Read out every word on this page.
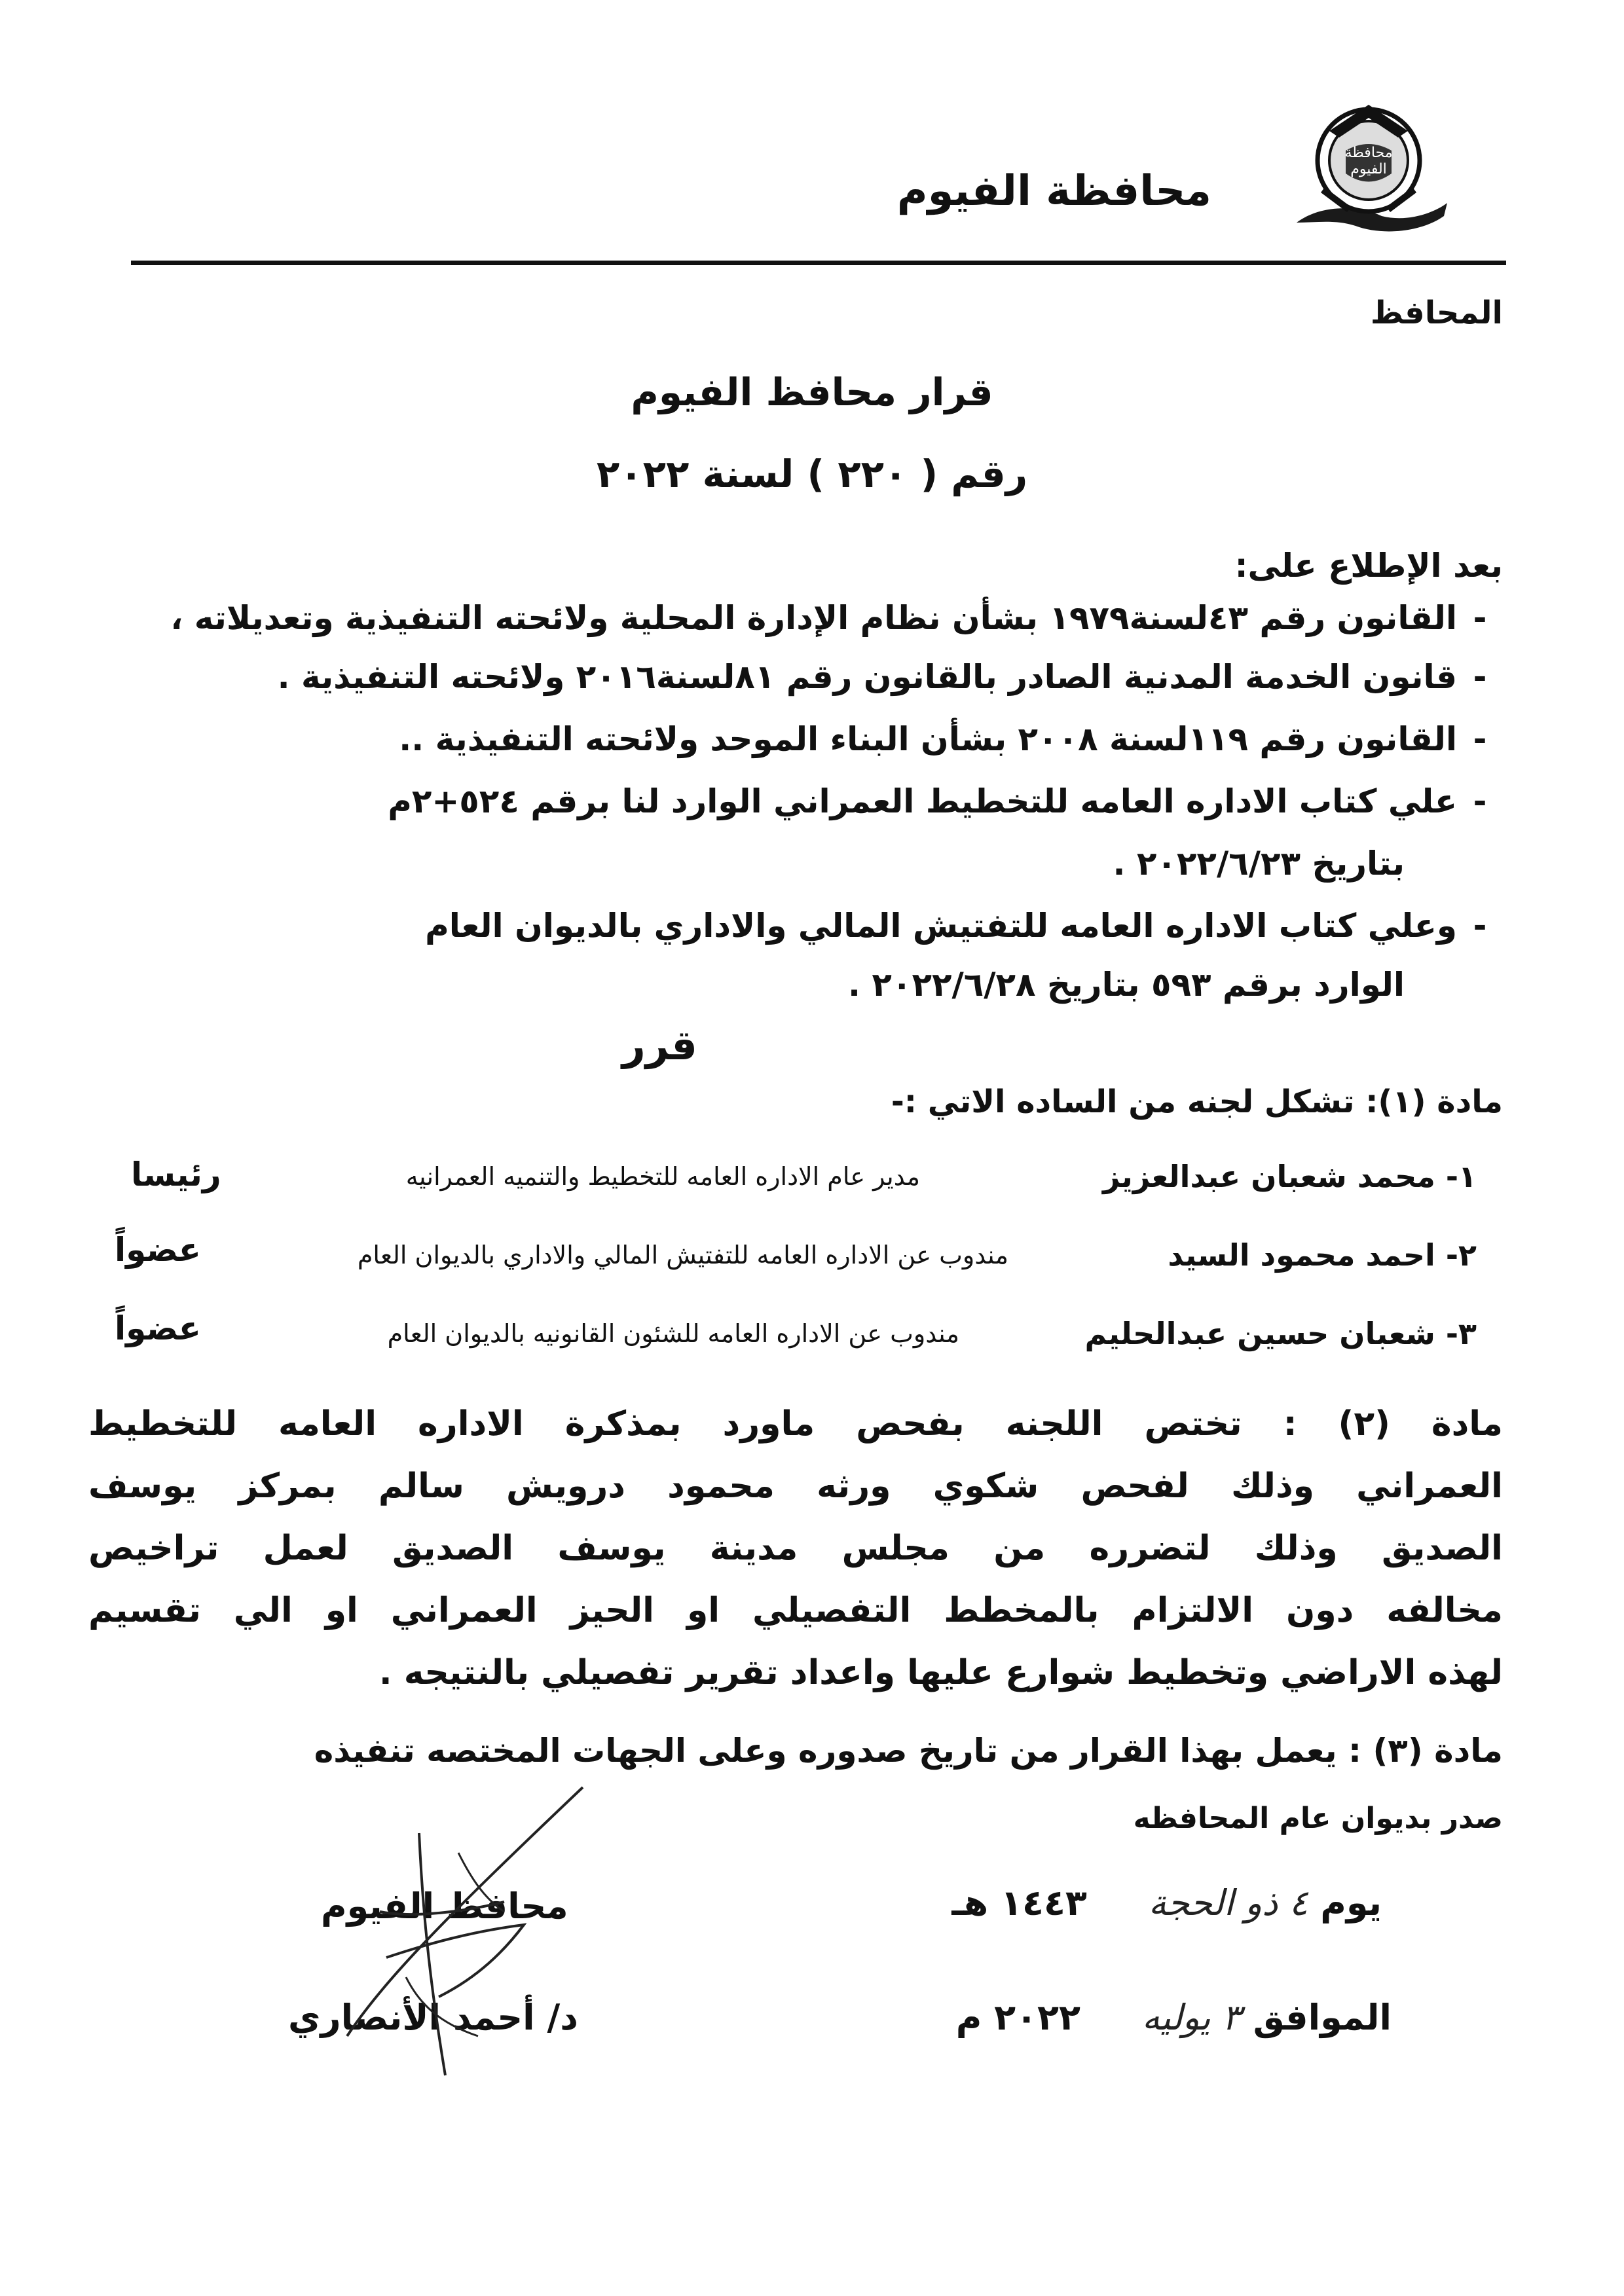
محافظة
الفيوم
محافظة الفيوم
المحافظ
قرار محافظ الفيوم
رقم ( ٢٢٠ ) لسنة ٢٠٢٢
بعد الإطلاع على:
-القانون رقم ٤٣لسنة١٩٧٩ بشأن نظام الإدارة المحلية ولائحته التنفيذية وتعديلاته ،
-قانون الخدمة المدنية الصادر بالقانون رقم ٨١لسنة٢٠١٦ ولائحته التنفيذية .
-القانون رقم ١١٩لسنة ٢٠٠٨ بشأن البناء الموحد ولائحته التنفيذية ..
-علي كتاب الاداره العامه للتخطيط العمراني الوارد لنا برقم ٥٢٤+٢م
بتاريخ ٢٠٢٢/٦/٢٣ .
-وعلي كتاب الاداره العامه للتفتيش المالي والاداري بالديوان العام
الوارد برقم ٥٩٣ بتاريخ ٢٠٢٢/٦/٢٨ .
قرر
مادة (١): تشكل لجنه من الساده الاتي :-
١- محمد شعبان عبدالعزيز
مدير عام الاداره العامه للتخطيط والتنميه العمرانيه
رئيسا
٢- احمد محمود السيد
مندوب عن الاداره العامه للتفتيش المالي والاداري بالديوان العام
عضواً
٣- شعبان حسين عبدالحليم
مندوب عن الاداره العامه للشئون القانونيه بالديوان العام
عضواً
مادة (٢) : تختص اللجنه بفحص ماورد بمذكرة الاداره العامه للتخطيط
العمراني وذلك لفحص شكوي ورثه محمود درويش سالم بمركز يوسف
الصديق وذلك لتضرره من مجلس مدينة يوسف الصديق لعمل تراخيص
مخالفه دون الالتزام بالمخطط التفصيلي او الحيز العمراني او الي تقسيم
لهذه الاراضي وتخطيط شوارع عليها واعداد تقرير تفصيلي بالنتيجه .
مادة (٣) : يعمل بهذا القرار من تاريخ صدوره وعلى الجهات المختصه تنفيذه
صدر بديوان عام المحافظه
يوم ٤ ذو الحجة     ١٤٤٣ هـ
الموافق ٣ يوليه     ٢٠٢٢ م
محافظ الفيوم
د/ أحمد الأنصاري
